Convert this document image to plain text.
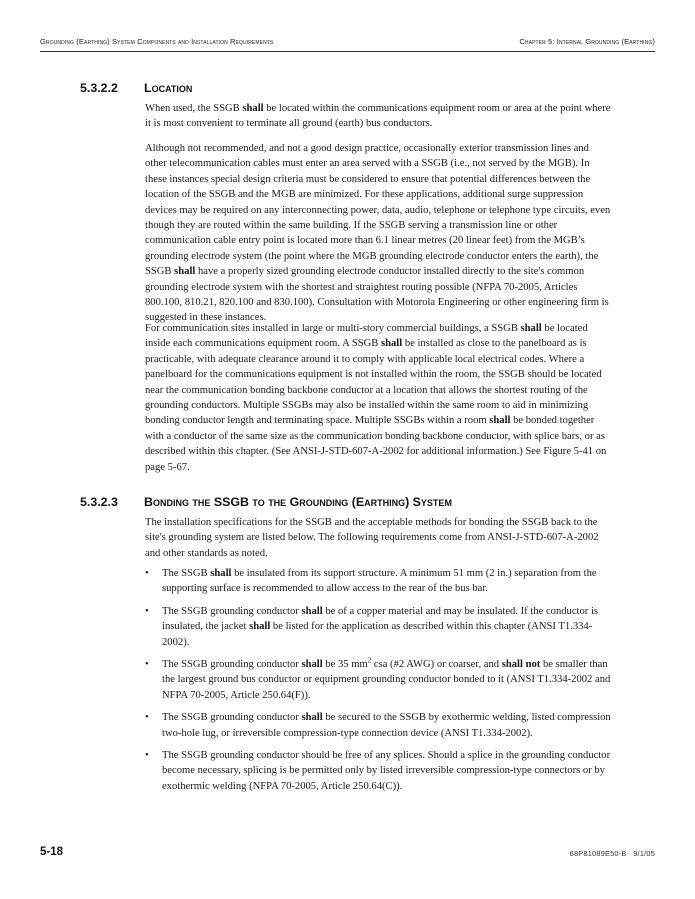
Grounding (Earthing) System Components and Installation Requirements	Chapter 5: Internal Grounding (Earthing)
5.3.2.2 Location

When used, the SSGB shall be located within the communications equipment room or area at the point where it is most convenient to terminate all ground (earth) bus conductors.

Although not recommended, and not a good design practice, occasionally exterior transmission lines and other telecommunication cables must enter an area served with a SSGB (i.e., not served by the MGB). In these instances special design criteria must be considered to ensure that potential differences between the location of the SSGB and the MGB are minimized. For these applications, additional surge suppression devices may be required on any interconnecting power, data, audio, telephone or telephone type circuits, even though they are routed within the same building. If the SSGB serving a transmission line or other communication cable entry point is located more than 6.1 linear metres (20 linear feet) from the MGB’s grounding electrode system (the point where the MGB grounding electrode conductor enters the earth), the SSGB shall have a properly sized grounding electrode conductor installed directly to the site's common grounding electrode system with the shortest and straightest routing possible (NFPA 70-2005, Articles 800.100, 810.21, 820.100 and 830.100). Consultation with Motorola Engineering or other engineering firm is suggested in these instances.

For communication sites installed in large or multi-story commercial buildings, a SSGB shall be located inside each communications equipment room. A SSGB shall be installed as close to the panelboard as is practicable, with adequate clearance around it to comply with applicable local electrical codes. Where a panelboard for the communications equipment is not installed within the room, the SSGB should be located near the communication bonding backbone conductor at a location that allows the shortest routing of the grounding conductors. Multiple SSGBs may also be installed within the same room to aid in minimizing bonding conductor length and terminating space. Multiple SSGBs within a room shall be bonded together with a conductor of the same size as the communication bonding backbone conductor, with splice bars, or as described within this chapter. (See ANSI-J-STD-607-A-2002 for additional information.) See Figure 5-41 on page 5-67.

5.3.2.3 Bonding the SSGB to the Grounding (Earthing) System

The installation specifications for the SSGB and the acceptable methods for bonding the SSGB back to the site's grounding system are listed below. The following requirements come from ANSI-J-STD-607-A-2002 and other standards as noted.

• The SSGB shall be insulated from its support structure. A minimum 51 mm (2 in.) separation from the supporting surface is recommended to allow access to the rear of the bus bar.
• The SSGB grounding conductor shall be of a copper material and may be insulated. If the conductor is insulated, the jacket shall be listed for the application as described within this chapter (ANSI T1.334-2002).
• The SSGB grounding conductor shall be 35 $mm^2$ csa (#2 AWG) or coarser, and shall not be smaller than the largest ground bus conductor or equipment grounding conductor bonded to it (ANSI T1.334-2002 and NFPA 70-2005, Article 250.64(F)).
• The SSGB grounding conductor shall be secured to the SSGB by exothermic welding, listed compression two-hole lug, or irreversible compression-type connection device (ANSI T1.334-2002).
• The SSGB grounding conductor should be free of any splices. Should a splice in the grounding conductor become necessary, splicing is be permitted only by listed irreversible compression-type connectors or by exothermic welding (NFPA 70-2005, Article 250.64(C)).
5-18	68P81089E50-B 9/1/05
